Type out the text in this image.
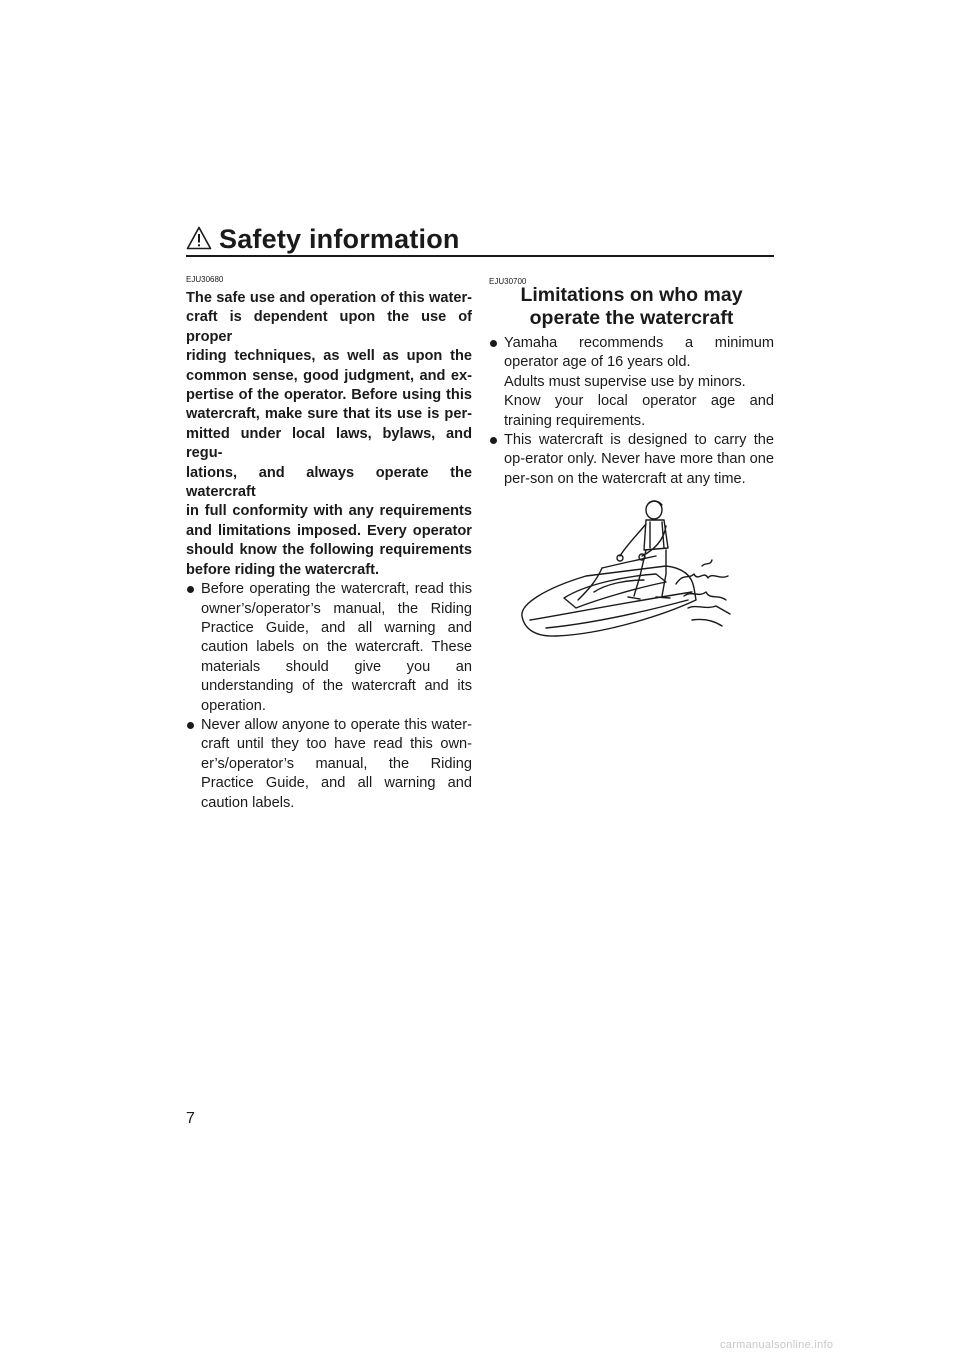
Safety information
EJU30680

The safe use and operation of this water-
craft is dependent upon the use of proper
riding techniques, as well as upon the
common sense, good judgment, and ex-
pertise of the operator. Before using this
watercraft, make sure that its use is per-
mitted under local laws, bylaws, and regu-
lations, and always operate the watercraft
in full conformity with any requirements
and limitations imposed. Every operator
should know the following requirements
before riding the watercraft.

Before operating the watercraft, read this owner’s/operator’s manual, the Riding Practice Guide, and all warning and caution labels on the watercraft. These materials should give you an understanding of the watercraft and its operation.
Never allow anyone to operate this water-craft until they too have read this own-er’s/operator’s manual, the Riding Practice Guide, and all warning and caution labels.
EJU30700
Limitations on who may
operate the watercraft
Yamaha recommends a minimum operator age of 16 years old.
Adults must supervise use by minors.
Know your local operator age and training requirements.
This watercraft is designed to carry the op-erator only. Never have more than one per-son on the watercraft at any time.
7
carmanualsonline.info
